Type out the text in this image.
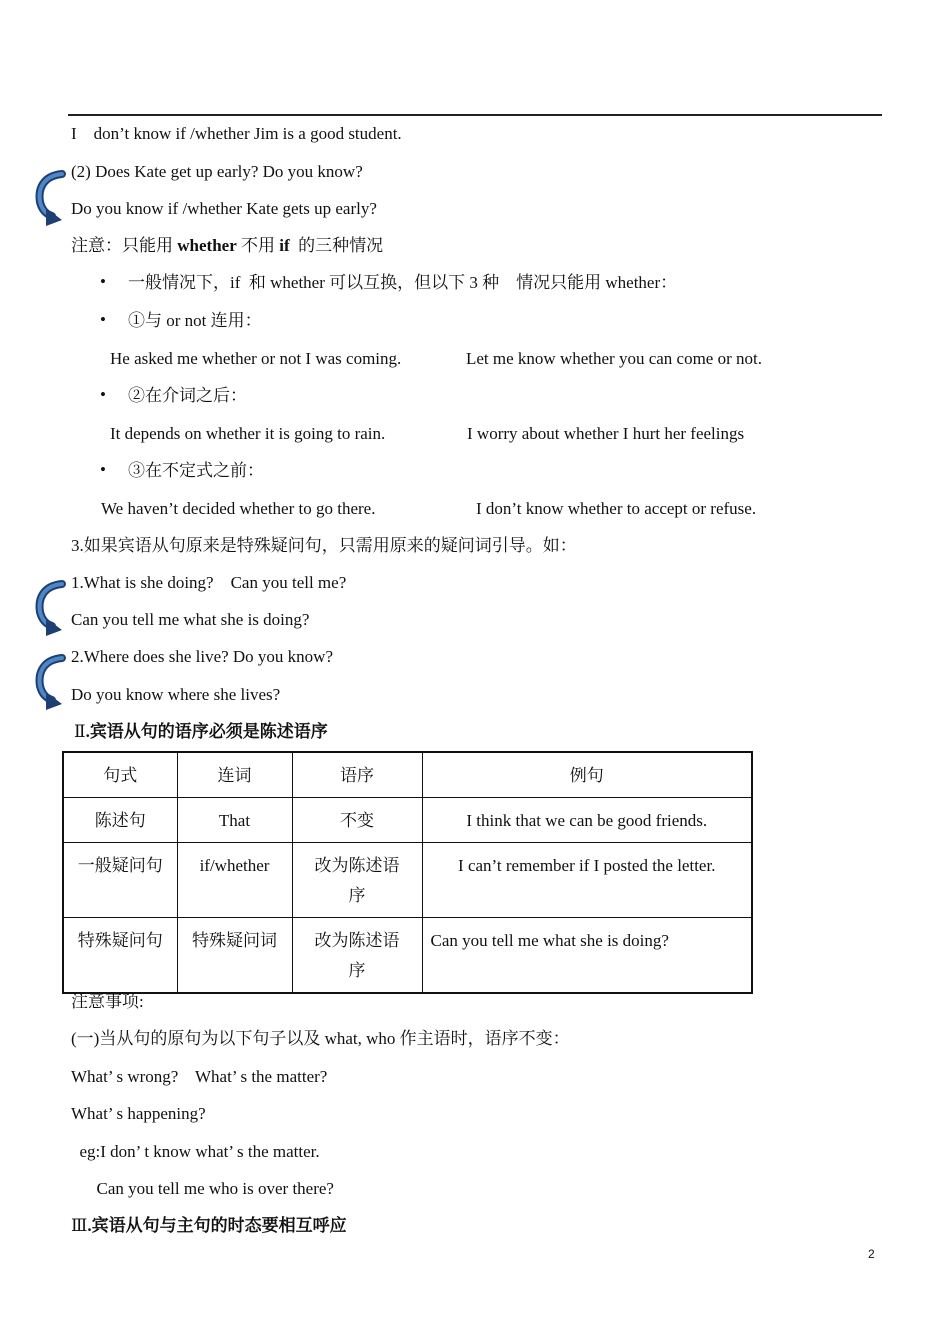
I    don’t know if /whether Jim is a good student.
(2) Does Kate get up early? Do you know?
Do you know if /whether Kate gets up early?
注意：只能用 whether 不用 if  的三种情况
• 一般情况下，if  和 whether 可以互换，但以下 3 种    情况只能用 whether：
• ①与 or not 连用：
He asked me whether or not I was coming.	Let me know whether you can come or not.
• ②在介词之后：
It depends on whether it is going to rain.	I worry about whether I hurt her feelings
• ③在不定式之前：
We haven’t decided whether to go there.	I don’t know whether to accept or refuse.
3.如果宾语从句原来是特殊疑问句，只需用原来的疑问词引导。如：
1.What is she doing?    Can you tell me?
Can you tell me what she is doing?
2.Where does she live? Do you know?
Do you know where she lives?
Ⅱ.宾语从句的语序必须是陈述语序
句式	连词	语序	例句
陈述句	That	不变	I think that we can be good friends.
一般疑问句	if/whether	改为陈述语序	I can’t remember if I posted the letter.
特殊疑问句	特殊疑问词	改为陈述语序	Can you tell me what she is doing?
注意事项:
(一)当从句的原句为以下句子以及 what, who 作主语时，语序不变：
What’ s wrong?    What’ s the matter?
What’ s happening?
eg:I don’ t know what’ s the matter.
Can you tell me who is over there?
Ⅲ.宾语从句与主句的时态要相互呼应
2
